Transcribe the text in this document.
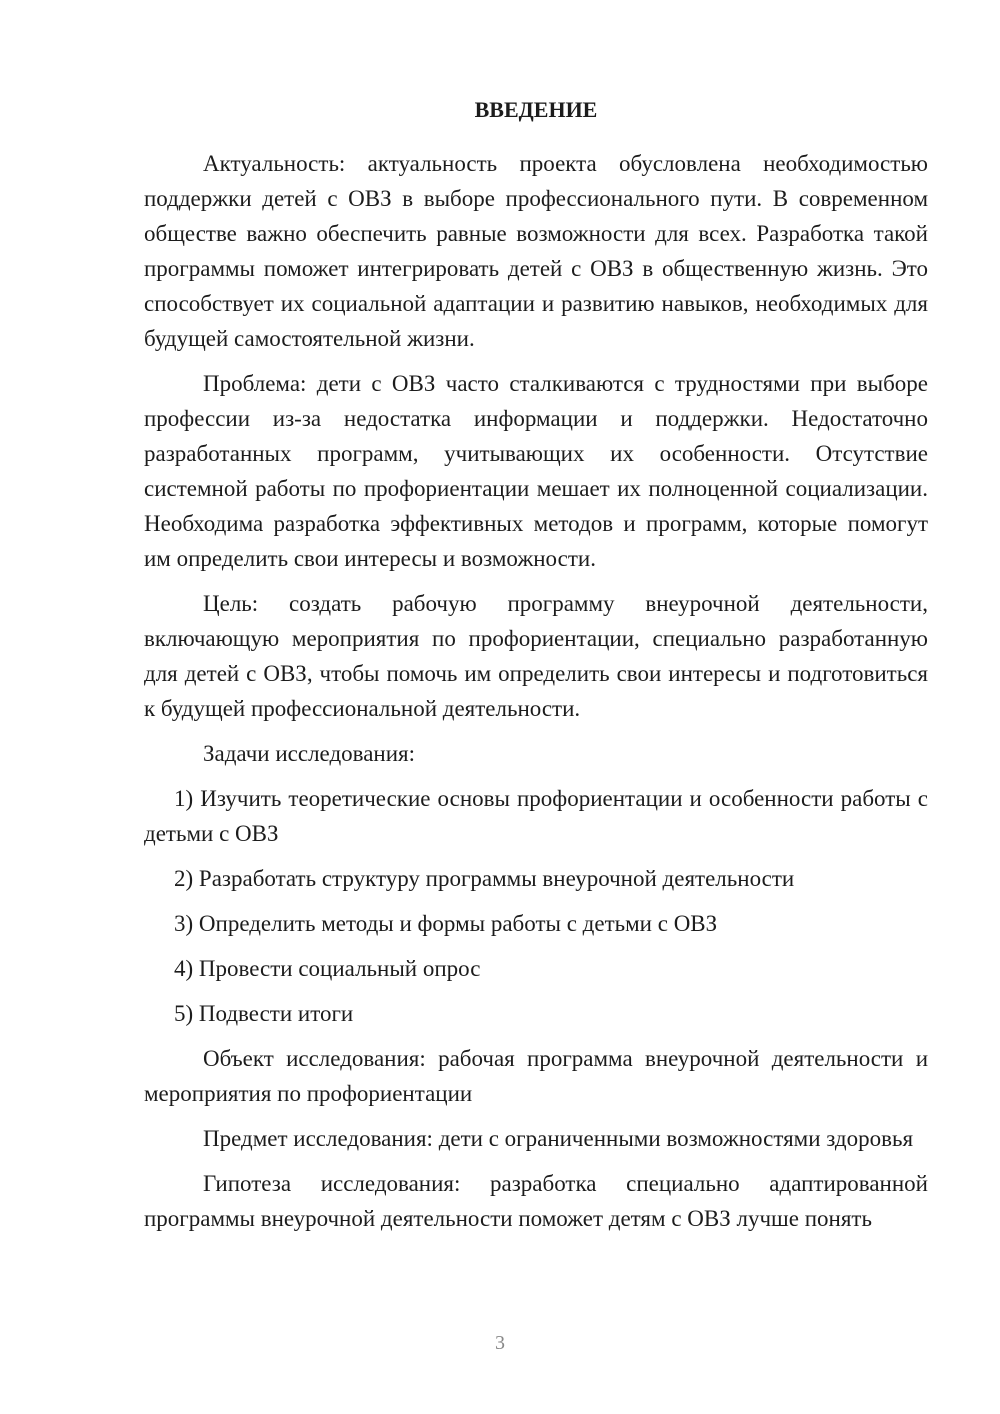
ВВЕДЕНИЕ

Актуальность: актуальность проекта обусловлена необходимостью поддержки детей с ОВЗ в выборе профессионального пути. В современном обществе важно обеспечить равные возможности для всех. Разработка такой программы поможет интегрировать детей с ОВЗ в общественную жизнь. Это способствует их социальной адаптации и развитию навыков, необходимых для будущей самостоятельной жизни.

Проблема: дети с ОВЗ часто сталкиваются с трудностями при выборе профессии из-за недостатка информации и поддержки. Недостаточно разработанных программ, учитывающих их особенности. Отсутствие системной работы по профориентации мешает их полноценной социализации. Необходима разработка эффективных методов и программ, которые помогут им определить свои интересы и возможности.

Цель: создать рабочую программу внеурочной деятельности, включающую мероприятия по профориентации, специально разработанную для детей с ОВЗ, чтобы помочь им определить свои интересы и подготовиться к будущей профессиональной деятельности.

Задачи исследования:

1) Изучить теоретические основы профориентации и особенности работы с детьми с ОВЗ

2) Разработать структуру программы внеурочной деятельности

3) Определить методы и формы работы с детьми с ОВЗ

4) Провести социальный опрос

5) Подвести итоги

Объект исследования: рабочая программа внеурочной деятельности и мероприятия по профориентации

Предмет исследования: дети с ограниченными возможностями здоровья

Гипотеза исследования: разработка специально адаптированной программы внеурочной деятельности поможет детям с ОВЗ лучше понять

3
